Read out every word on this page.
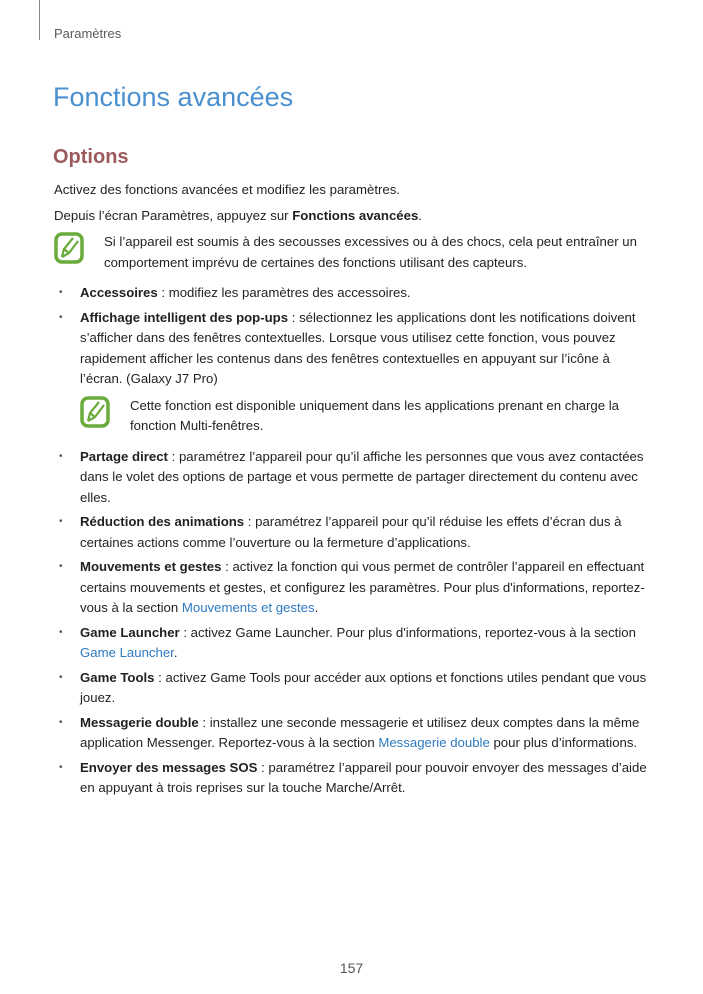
Paramètres
Fonctions avancées
Options

Activez des fonctions avancées et modifiez les paramètres.

Depuis l’écran Paramètres, appuyez sur Fonctions avancées.

Si l’appareil est soumis à des secousses excessives ou à des chocs, cela peut entraîner un comportement imprévu de certaines des fonctions utilisant des capteurs.
• Accessoires : modifiez les paramètres des accessoires.
• Affichage intelligent des pop-ups : sélectionnez les applications dont les notifications doivent s’afficher dans des fenêtres contextuelles. Lorsque vous utilisez cette fonction, vous pouvez rapidement afficher les contenus dans des fenêtres contextuelles en appuyant sur l’icône à l’écran. (Galaxy J7 Pro)
Cette fonction est disponible uniquement dans les applications prenant en charge la fonction Multi-fenêtres.
• Partage direct : paramétrez l’appareil pour qu’il affiche les personnes que vous avez contactées dans le volet des options de partage et vous permette de partager directement du contenu avec elles.
• Réduction des animations : paramétrez l’appareil pour qu’il réduise les effets d’écran dus à certaines actions comme l’ouverture ou la fermeture d’applications.
• Mouvements et gestes : activez la fonction qui vous permet de contrôler l’appareil en effectuant certains mouvements et gestes, et configurez les paramètres. Pour plus d'informations, reportez-vous à la section Mouvements et gestes.
• Game Launcher : activez Game Launcher. Pour plus d'informations, reportez-vous à la section Game Launcher.
• Game Tools : activez Game Tools pour accéder aux options et fonctions utiles pendant que vous jouez.
• Messagerie double : installez une seconde messagerie et utilisez deux comptes dans la même application Messenger. Reportez-vous à la section Messagerie double pour plus d’informations.
• Envoyer des messages SOS : paramétrez l’appareil pour pouvoir envoyer des messages d’aide en appuyant à trois reprises sur la touche Marche/Arrêt.
157
